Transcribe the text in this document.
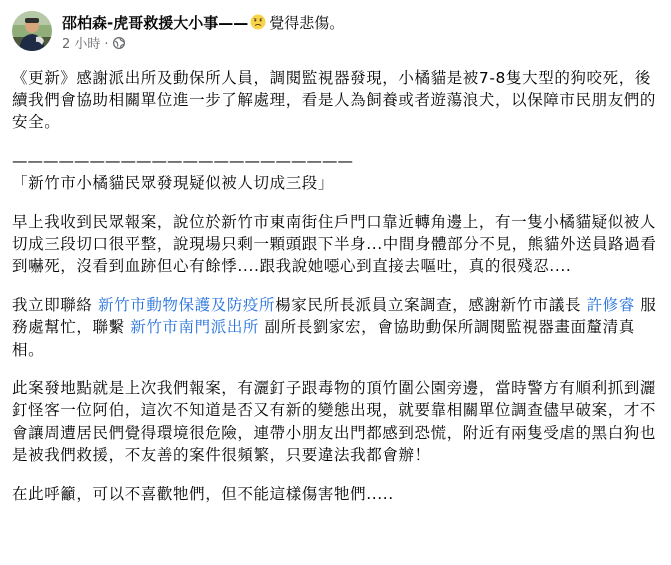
邵柏森-虎哥救援大小事—— 覺得悲傷。
2 小時 ·

《更新》感謝派出所及動保所人員，調閱監視器發現，小橘貓是被7-8隻大型的狗咬死，後續我們會協助相關單位進一步了解處理，看是人為飼養或者遊蕩浪犬，以保障市民朋友們的安全。

——————————————————————

「新竹市小橘貓民眾發現疑似被人切成三段」

早上我收到民眾報案，說位於新竹市東南街住戶門口靠近轉角邊上，有一隻小橘貓疑似被人切成三段切口很平整，說現場只剩一顆頭跟下半身...中間身體部分不見，熊貓外送員路過看到嚇死，沒看到血跡但心有餘悸....跟我說她噁心到直接去嘔吐，真的很殘忍....

我立即聯絡 新竹市動物保護及防疫所楊家民所長派員立案調查，感謝新竹市議長 許修睿 服務處幫忙，聯繫 新竹市南門派出所 副所長劉家宏，會協助動保所調閱監視器畫面釐清真相。

此案發地點就是上次我們報案，有灑釘子跟毒物的頂竹圍公園旁邊，當時警方有順利抓到灑釘怪客一位阿伯，這次不知道是否又有新的變態出現，就要靠相關單位調查儘早破案，才不會讓周遭居民們覺得環境很危險，連帶小朋友出門都感到恐慌，附近有兩隻受虐的黑白狗也是被我們救援，不友善的案件很頻繁，只要違法我都會辦！

在此呼籲，可以不喜歡牠們，但不能這樣傷害牠們.....
